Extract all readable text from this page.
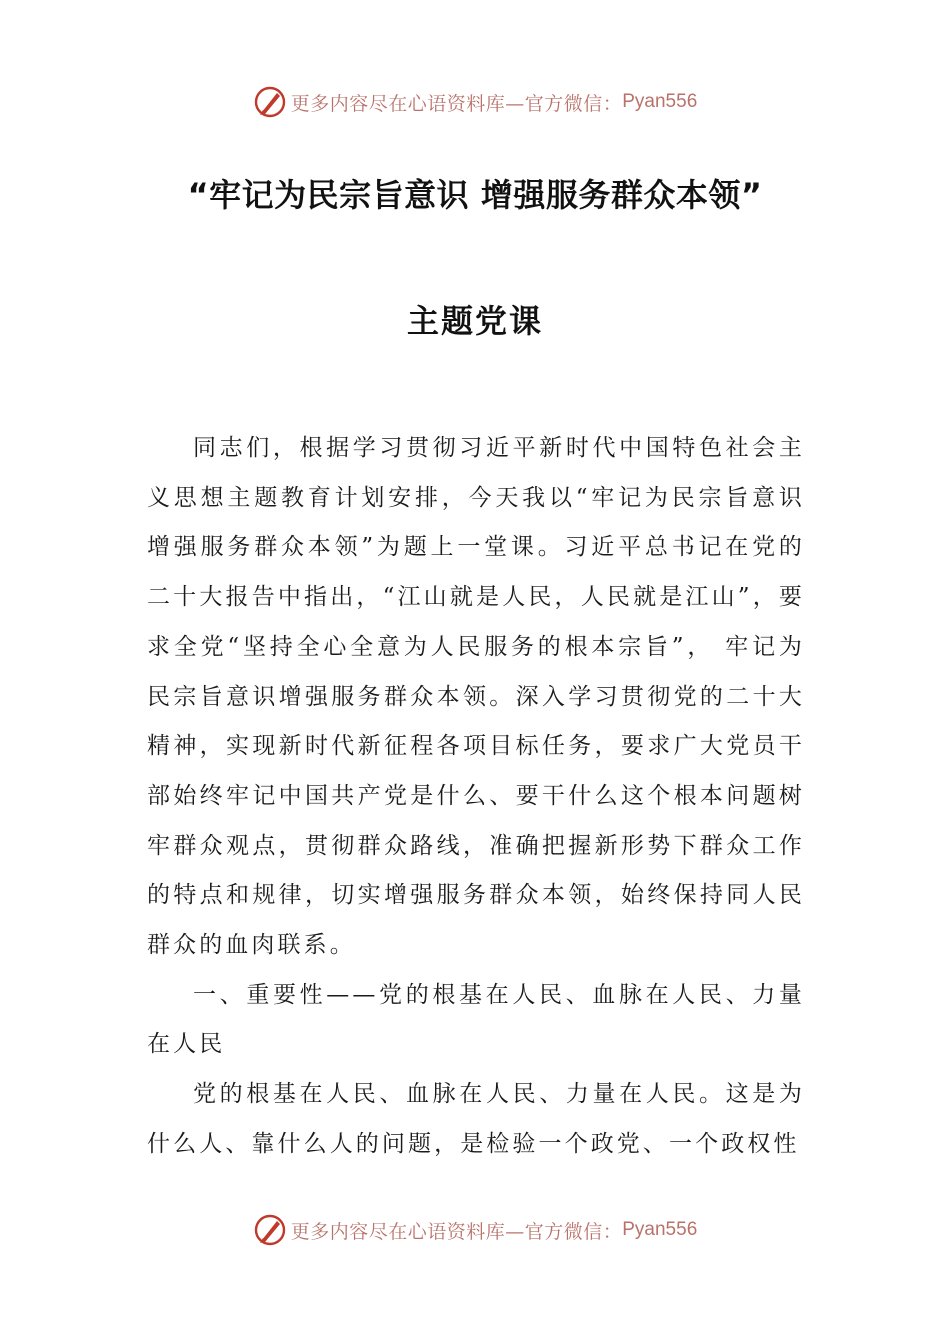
更多内容尽在心语资料库—官方微信： Pyan556
“牢记为民宗旨意识 增强服务群众本领”
主题党课

同志们，根据学习贯彻习近平新时代中国特色社会主义思想主题教育计划安排，今天我以“牢记为民宗旨意识增强服务群众本领”为题上一堂课。习近平总书记在党的二十大报告中指出，“江山就是人民，人民就是江山”，要求全党“坚持全心全意为人民服务的根本宗旨”， 牢记为民宗旨意识增强服务群众本领。深入学习贯彻党的二十大精神，实现新时代新征程各项目标任务，要求广大党员干部始终牢记中国共产党是什么、要干什么这个根本问题树牢群众观点，贯彻群众路线，准确把握新形势下群众工作的特点和规律，切实增强服务群众本领，始终保持同人民群众的血肉联系。

一、重要性——党的根基在人民、血脉在人民、力量在人民

党的根基在人民、血脉在人民、力量在人民。这是为什么人、靠什么人的问题，是检验一个政党、一个政权性

更多内容尽在心语资料库—官方微信： Pyan556
